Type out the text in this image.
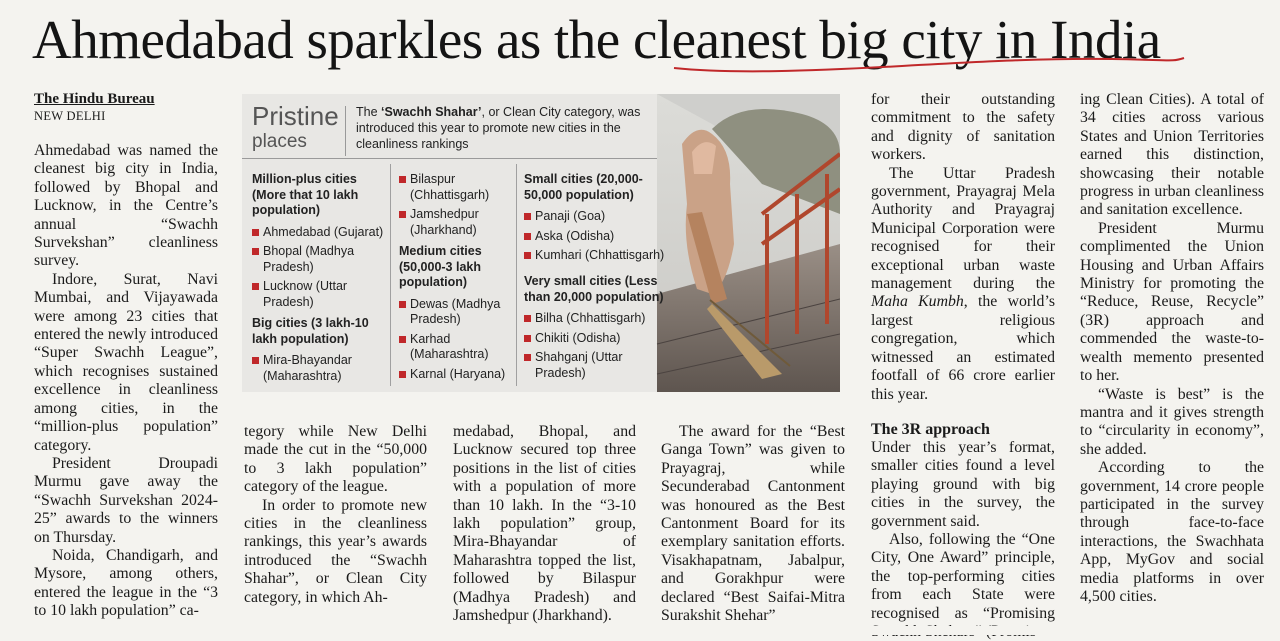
Ahmedabad sparkles as the cleanest big city in India
The Hindu Bureau
NEW DELHI

Ahmedabad was named the cleanest big city in India, followed by Bhopal and Lucknow, in the Centre’s annual “Swachh Survekshan” cleanliness survey.

Indore, Surat, Navi Mumbai, and Vijayawada were among 23 cities that entered the newly introduced “Super Swachh League”, which recognises sustained excellence in cleanliness among cities, in the “million-plus population” category.

President Droupadi Murmu gave away the “Swachh Survekshan 2024-25” awards to the winners on Thursday.

Noida, Chandigarh, and Mysore, among others, entered the league in the “3 to 10 lakh population” ca-

Pristine
places
The ‘Swachh Shahar’, or Clean City category, was introduced this year to promote new cities in the cleanliness rankings
Million-plus cities (More that 10 lakh population)
Ahmedabad (Gujarat)
Bhopal (Madhya Pradesh)
Lucknow (Uttar Pradesh)
Big cities (3 lakh-10 lakh population)
Mira-Bhayandar (Maharashtra)
Bilaspur (Chhattisgarh)
Jamshedpur (Jharkhand)
Medium cities (50,000-3 lakh population)
Dewas (Madhya Pradesh)
Karhad (Maharashtra)
Karnal (Haryana)
Small cities (20,000-50,000 population)
Panaji (Goa)
Aska (Odisha)
Kumhari (Chhattisgarh)
Very small cities (Less than 20,000 population)
Bilha (Chhattisgarh)
Chikiti (Odisha)
Shahganj (Uttar Pradesh)

tegory while New Delhi made the cut in the “50,000 to 3 lakh population” category of the league.

In order to promote new cities in the cleanliness rankings, this year’s awards introduced the “Swachh Shahar”, or Clean City category, in which Ah-

medabad, Bhopal, and Lucknow secured top three positions in the list of cities with a population of more than 10 lakh. In the “3-10 lakh population” group, Mira-Bhayandar of Maharashtra topped the list, followed by Bilaspur (Madhya Pradesh) and Jamshedpur (Jharkhand).

The award for the “Best Ganga Town” was given to Prayagraj, while Secunderabad Cantonment was honoured as the Best Cantonment Board for its exemplary sanitation efforts. Visakhapatnam, Jabalpur, and Gorakhpur were declared “Best Saifai-Mitra Surakshit Shehar”

for their outstanding commitment to the safety and dignity of sanitation workers.

The Uttar Pradesh government, Prayagraj Mela Authority and Prayagraj Municipal Corporation were recognised for their exceptional urban waste management during the Maha Kumbh, the world’s largest religious congregation, which witnessed an estimated footfall of 66 crore earlier this year.

The 3R approach

Under this year’s format, smaller cities found a level playing ground with big cities in the survey, the government said.

Also, following the “One City, One Award” principle, the top-performing cities from each State were recognised as “Promising

ing Clean Cities). A total of 34 cities across various States and Union Territories earned this distinction, showcasing their notable progress in urban cleanliness and sanitation excellence.

President Murmu complimented the Union Housing and Urban Affairs Ministry for promoting the “Reduce, Reuse, Recycle” (3R) approach and commended the waste-to-wealth memento presented to her.

“Waste is best” is the mantra and it gives strength to “circularity in economy”, she added.

According to the government, 14 crore people participated in the survey through face-to-face interactions, the Swachhata App, MyGov and social media platforms in over 4,500 cities.
